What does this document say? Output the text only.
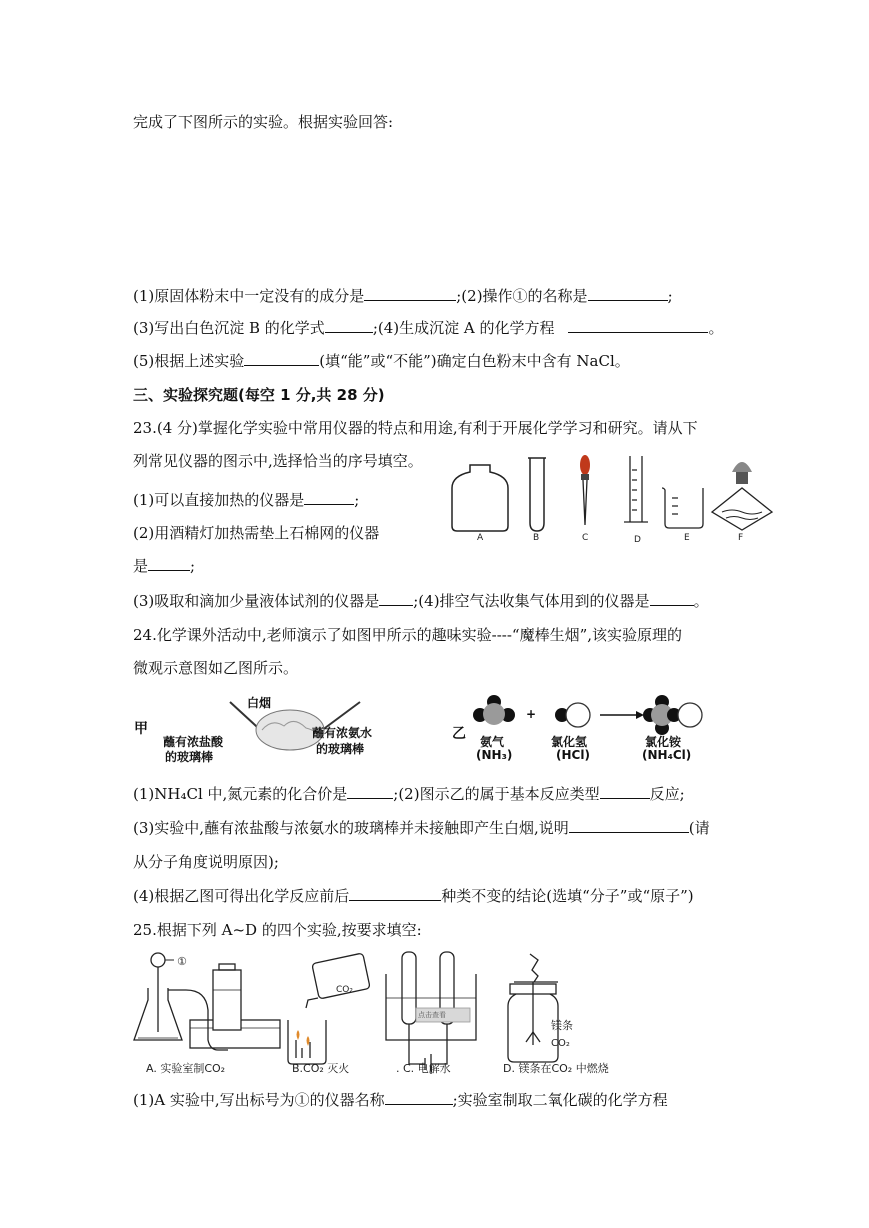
完成了下图所示的实验。根据实验回答:
(1)原固体粉末中一定没有的成分是	;(2)操作①的名称是	;
(3)写出白色沉淀 B 的化学式	;(4)生成沉淀 A 的化学方程	。
(5)根据上述实验	(填“能”或“不能”)确定白色粉末中含有 NaCl。
三、实验探究题(每空 1 分,共 28 分)
23.(4 分)掌握化学实验中常用仪器的特点和用途,有利于开展化学学习和研究。请从下
列常见仪器的图示中,选择恰当的序号填空。
(1)可以直接加热的仪器是	;
(2)用酒精灯加热需垫上石棉网的仪器
是	;
(3)吸取和滴加少量液体试剂的仪器是 ;(4)排空气法收集气体用到的仪器是	。
A	B	C	D	E	F
24.化学课外活动中,老师演示了如图甲所示的趣味实验----“魔棒生烟”,该实验原理的
微观示意图如乙图所示。
甲
白烟
蘸有浓盐酸
的玻璃棒
蘸有浓氨水
的玻璃棒
乙
+
氨气
(NH₃)
氯化氢
(HCl)
氯化铵
(NH₄Cl)
(1)NH₄Cl 中,氮元素的化合价是	;(2)图示乙的属于基本反应类型	反应;
(3)实验中,蘸有浓盐酸与浓氨水的玻璃棒并未接触即产生白烟,说明	(请
从分子角度说明原因);
(4)根据乙图可得出化学反应前后	种类不变的结论(选填“分子”或“原子”)
25.根据下列 A~D 的四个实验,按要求填空:
①
CO₂
点击查看
镁条
CO₂
A. 实验室制CO₂	B.CO₂ 灭火	. C. 电解水	D. 镁条在CO₂ 中燃烧
(1)A 实验中,写出标号为①的仪器名称	;实验室制取二氧化碳的化学方程
